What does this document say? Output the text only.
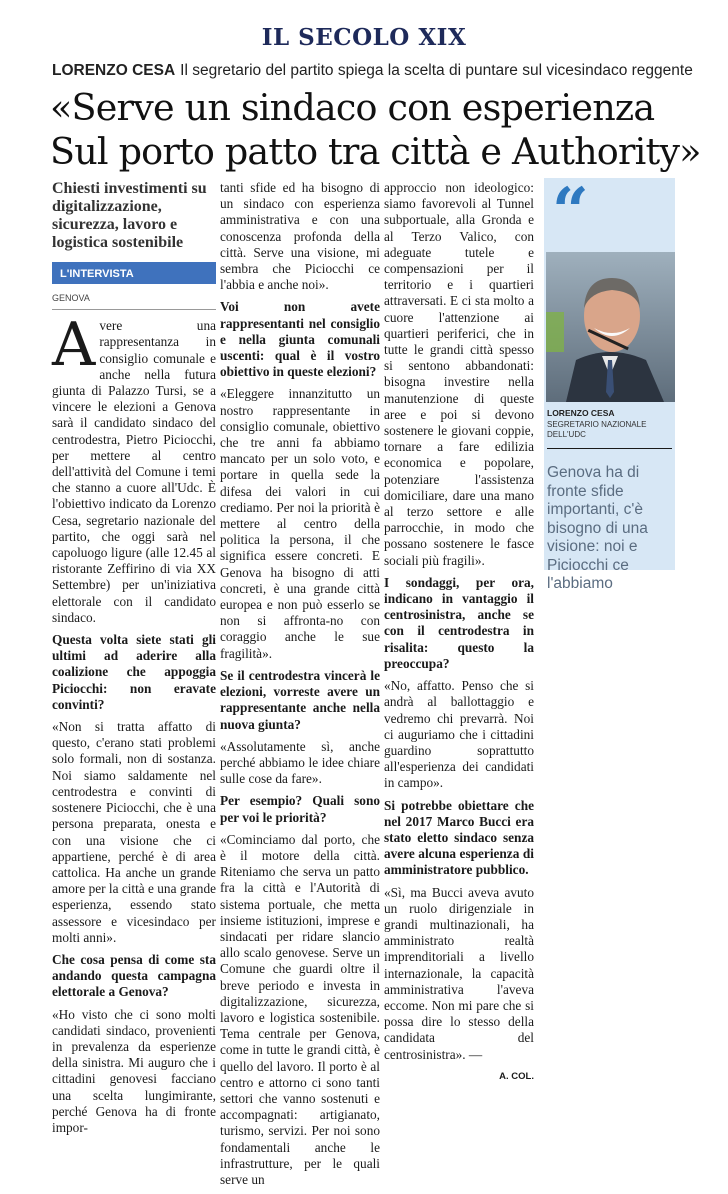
IL SECOLO XIX
LORENZO CESA Il segretario del partito spiega la scelta di puntare sul vicesindaco reggente
«Serve un sindaco con esperienza
Sul porto patto tra città e Authority»
Chiesti investimenti su digitalizzazione, sicurezza, lavoro e logistica sostenibile
L'INTERVISTA
GENOVA
A vere una rappresentanza in consiglio comunale e anche nella futura giunta di Palazzo Tursi, se a vincere le elezioni a Genova sarà il candidato sindaco del centrodestra, Pietro Piciocchi, per mettere al centro dell'attività del Comune i temi che stanno a cuore all'Udc. È l'obiettivo indicato da Lorenzo Cesa, segretario nazionale del partito, che oggi sarà nel capoluogo ligure (alle 12.45 al ristorante Zeffirino di via XX Settembre) per un'iniziativa elettorale con il candidato sindaco.

Questa volta siete stati gli ultimi ad aderire alla coalizione che appoggia Piciocchi: non eravate convinti?

«Non si tratta affatto di questo, c'erano stati problemi solo formali, non di sostanza. Noi siamo saldamente nel centrodestra e convinti di sostenere Piciocchi, che è una persona preparata, onesta e con una visione che ci appartiene, perché è di area cattolica. Ha anche un grande amore per la città e una grande esperienza, essendo stato assessore e vicesindaco per molti anni».

Che cosa pensa di come sta andando questa campagna elettorale a Genova?

«Ho visto che ci sono molti candidati sindaco, provenienti in prevalenza da esperienze della sinistra. Mi auguro che i cittadini genovesi facciano una scelta lungimirante, perché Genova ha di fronte impor-

tanti sfide ed ha bisogno di un sindaco con esperienza amministrativa e con una conoscenza profonda della città. Serve una visione, mi sembra che Piciocchi ce l'abbia e anche noi».

Voi non avete rappresentanti nel consiglio e nella giunta comunali uscenti: qual è il vostro obiettivo in queste elezioni?

«Eleggere innanzitutto un nostro rappresentante in consiglio comunale, obiettivo che tre anni fa abbiamo mancato per un solo voto, e portare in quella sede la difesa dei valori in cui crediamo. Per noi la priorità è mettere al centro della politica la persona, il che significa essere concreti. E Genova ha bisogno di atti concreti, è una grande città europea e non può esserlo se non si affronta-no con coraggio anche le sue fragilità».

Se il centrodestra vincerà le elezioni, vorreste avere un rappresentante anche nella nuova giunta?

«Assolutamente sì, anche perché abbiamo le idee chiare sulle cose da fare».

Per esempio? Quali sono per voi le priorità?

«Cominciamo dal porto, che è il motore della città. Riteniamo che serva un patto fra la città e l'Autorità di sistema portuale, che metta insieme istituzioni, imprese e sindacati per ridare slancio allo scalo genovese. Serve un Comune che guardi oltre il breve periodo e investa in digitalizzazione, sicurezza, lavoro e logistica sostenibile. Tema centrale per Genova, come in tutte le grandi città, è quello del lavoro. Il porto è al centro e attorno ci sono tanti settori che vanno sostenuti e accompagnati: artigianato, turismo, servizi. Per noi sono fondamentali anche le infrastrutture, per le quali serve un

approccio non ideologico: siamo favorevoli al Tunnel subportuale, alla Gronda e al Terzo Valico, con adeguate tutele e compensazioni per il territorio e i quartieri attraversati. E ci sta molto a cuore l'attenzione ai quartieri periferici, che in tutte le grandi città spesso si sentono abbandonati: bisogna investire nella manutenzione di queste aree e poi si devono sostenere le giovani coppie, tornare a fare edilizia economica e popolare, potenziare l'assistenza domiciliare, dare una mano al terzo settore e alle parrocchie, in modo che possano sostenere le fasce sociali più fragili».

I sondaggi, per ora, indicano in vantaggio il centrosinistra, anche se con il centrodestra in risalita: questo la preoccupa?

«No, affatto. Penso che si andrà al ballottaggio e vedremo chi prevarrà. Noi ci auguriamo che i cittadini guardino soprattutto all'esperienza dei candidati in campo».

Si potrebbe obiettare che nel 2017 Marco Bucci era stato eletto sindaco senza avere alcuna esperienza di amministratore pubblico.

«Sì, ma Bucci aveva avuto un ruolo dirigenziale in grandi multinazionali, ha amministrato realtà imprenditoriali a livello internazionale, la capacità amministrativa l'aveva eccome. Non mi pare che si possa dire lo stesso della candidata del centrosinistra». —

A. COL.
“
LORENZO CESA
SEGRETARIO NAZIONALE DELL'UDC
Genova ha di fronte sfide importanti, c'è bisogno di una visione: noi e Piciocchi ce l'abbiamo
